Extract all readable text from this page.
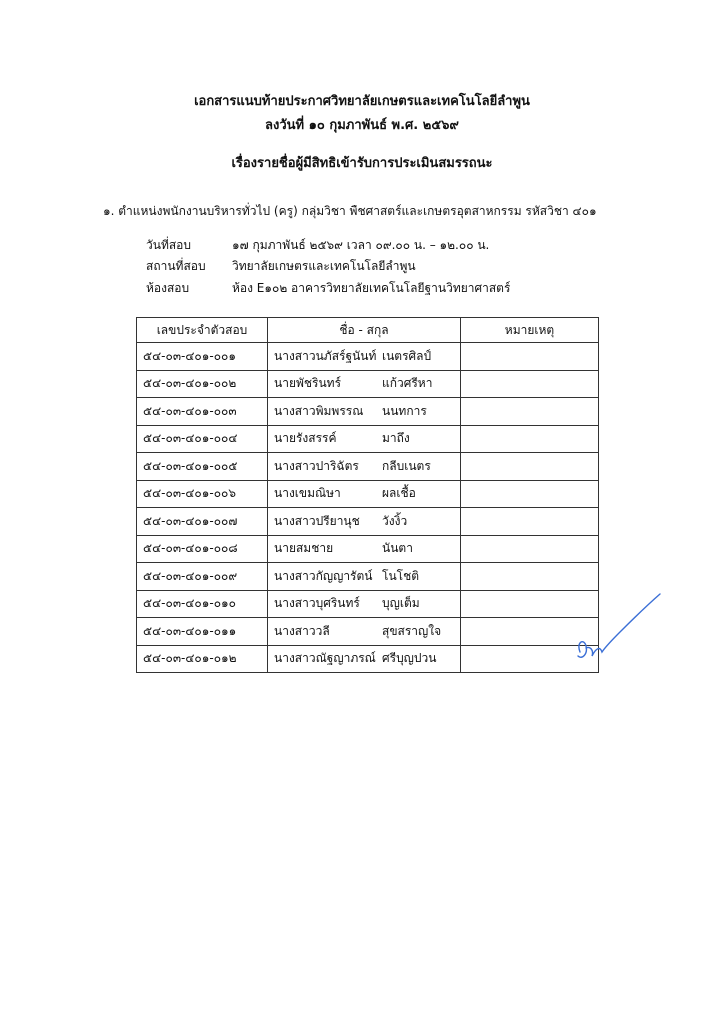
เอกสารแนบท้ายประกาศวิทยาลัยเกษตรและเทคโนโลยีลำพูน
ลงวันที่ ๑๐ กุมภาพันธ์ พ.ศ. ๒๕๖๙
เรื่องรายชื่อผู้มีสิทธิเข้ารับการประเมินสมรรถนะ
๑. ตำแหน่งพนักงานบริหารทั่วไป (ครู) กลุ่มวิชา พืชศาสตร์และเกษตรอุตสาหกรรม รหัสวิชา ๔๐๑
วันที่สอบ	๑๗ กุมภาพันธ์ ๒๕๖๙ เวลา ๐๙.๐๐ น. – ๑๒.๐๐ น.
สถานที่สอบ วิทยาลัยเกษตรและเทคโนโลยีลำพูน
ห้องสอบ	ห้อง E๑๐๒ อาคารวิทยาลัยเทคโนโลยีฐานวิทยาศาสตร์
เลขประจำตัวสอบ	ชื่อ - สกุล	หมายเหตุ
๕๔-๐๓-๔๐๑-๐๐๑	นางสาวนภัสร์ฐนันท์ เนตรศิลป์	
๕๔-๐๓-๔๐๑-๐๐๒	นายพัชรินทร์ แก้วศรีหา	
๕๔-๐๓-๔๐๑-๐๐๓	นางสาวพิมพรรณ นนทการ	
๕๔-๐๓-๔๐๑-๐๐๔	นายรังสรรค์ มาถึง	
๕๔-๐๓-๔๐๑-๐๐๕	นางสาวปาริฉัตร กลีบเนตร	
๕๔-๐๓-๔๐๑-๐๐๖	นางเขมณิษา ผลเชื้อ	
๕๔-๐๓-๔๐๑-๐๐๗	นางสาวปรียานุช วังงิ้ว	
๕๔-๐๓-๔๐๑-๐๐๘	นายสมชาย นันตา	
๕๔-๐๓-๔๐๑-๐๐๙	นางสาวกัญญารัตน์ โนโชติ	
๕๔-๐๓-๔๐๑-๐๑๐	นางสาวบุศรินทร์ บุญเต็ม	
๕๔-๐๓-๔๐๑-๐๑๑	นางสาววลี สุขสราญใจ	
๕๔-๐๓-๔๐๑-๐๑๒	นางสาวณัฐญาภรณ์ ศรีบุญปวน	
